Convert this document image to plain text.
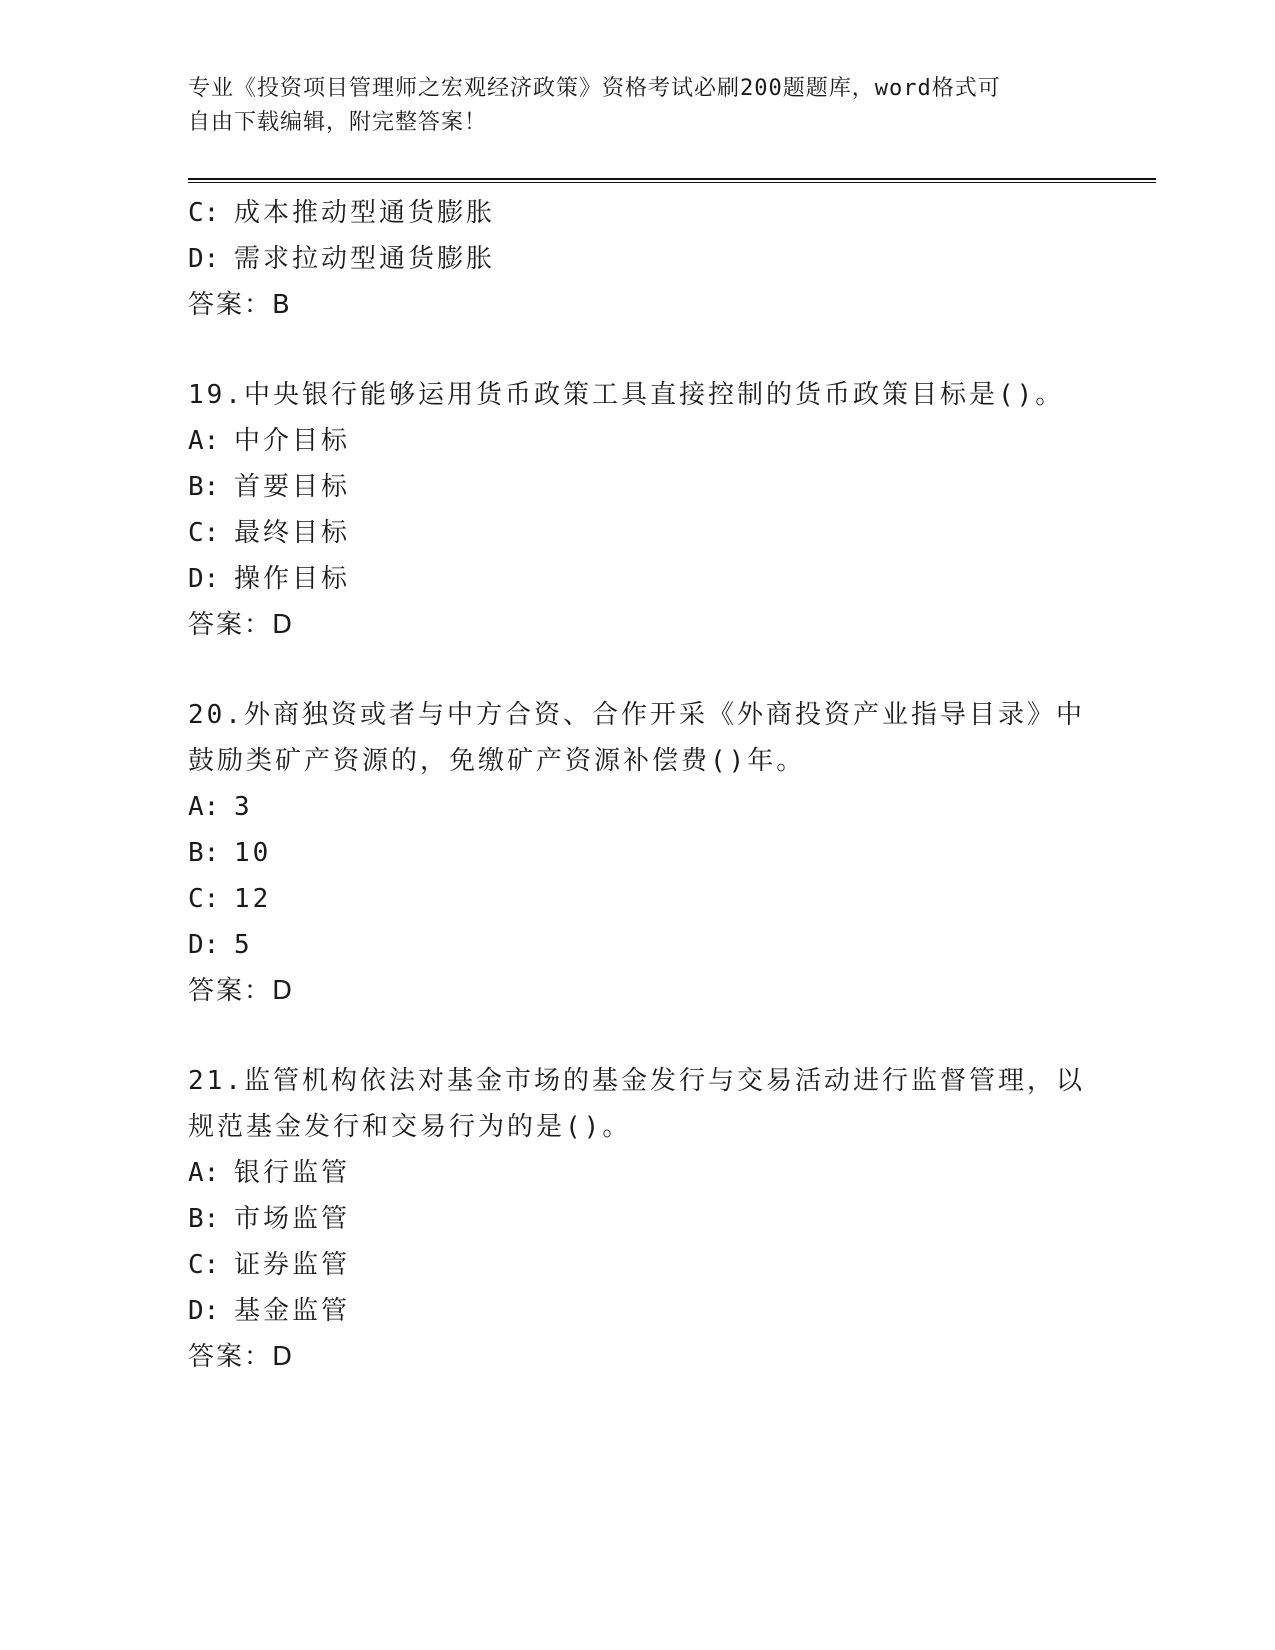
专业《投资项目管理师之宏观经济政策》资格考试必刷200题题库，word格式可
自由下载编辑，附完整答案！
C: 成本推动型通货膨胀
D: 需求拉动型通货膨胀
答案：B
19.中央银行能够运用货币政策工具直接控制的货币政策目标是()。
A: 中介目标
B: 首要目标
C: 最终目标
D: 操作目标
答案：D
20.外商独资或者与中方合资、合作开采《外商投资产业指导目录》中
鼓励类矿产资源的，免缴矿产资源补偿费()年。
A: 3
B: 10
C: 12
D: 5
答案：D
21.监管机构依法对基金市场的基金发行与交易活动进行监督管理，以
规范基金发行和交易行为的是()。
A: 银行监管
B: 市场监管
C: 证券监管
D: 基金监管
答案：D
